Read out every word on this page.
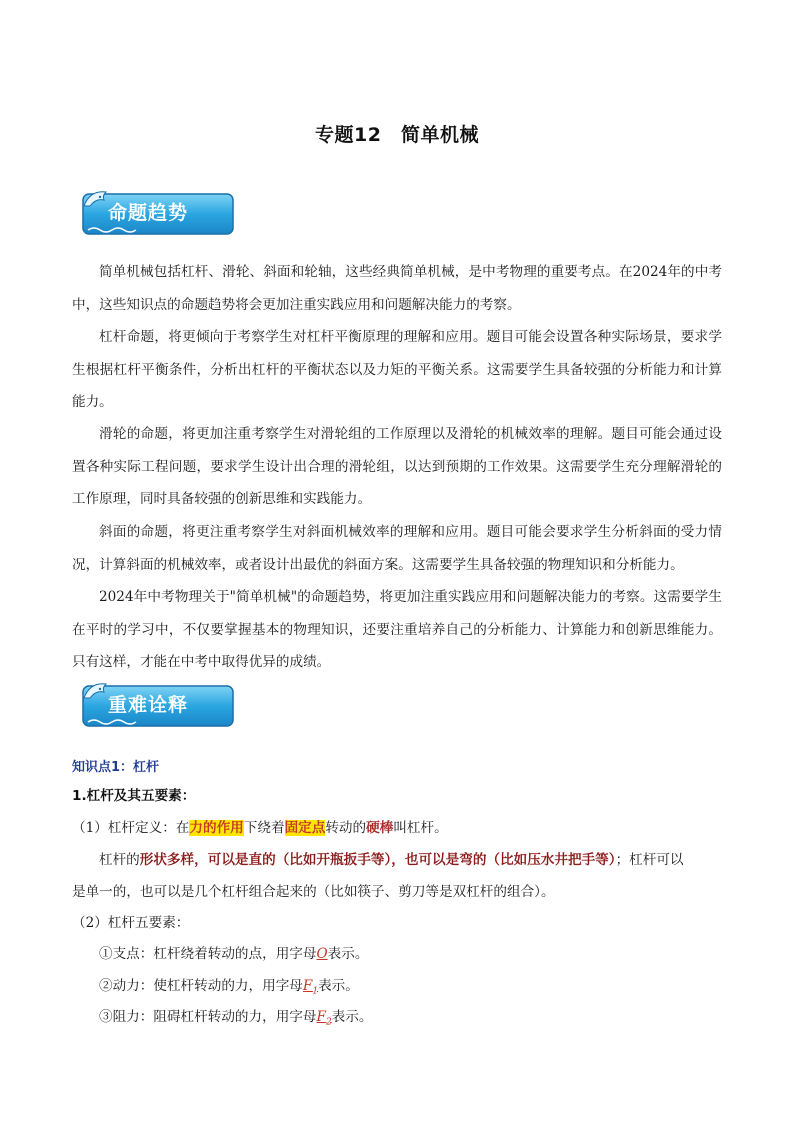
专题12　简单机械
命题趋势

简单机械包括杠杆、滑轮、斜面和轮轴，这些经典简单机械，是中考物理的重要考点。在2024年的中考中，这些知识点的命题趋势将会更加注重实践应用和问题解决能力的考察。

杠杆命题，将更倾向于考察学生对杠杆平衡原理的理解和应用。题目可能会设置各种实际场景，要求学生根据杠杆平衡条件，分析出杠杆的平衡状态以及力矩的平衡关系。这需要学生具备较强的分析能力和计算能力。

滑轮的命题，将更加注重考察学生对滑轮组的工作原理以及滑轮的机械效率的理解。题目可能会通过设置各种实际工程问题，要求学生设计出合理的滑轮组，以达到预期的工作效果。这需要学生充分理解滑轮的工作原理，同时具备较强的创新思维和实践能力。

斜面的命题，将更注重考察学生对斜面机械效率的理解和应用。题目可能会要求学生分析斜面的受力情况，计算斜面的机械效率，或者设计出最优的斜面方案。这需要学生具备较强的物理知识和分析能力。

2024年中考物理关于"简单机械"的命题趋势，将更加注重实践应用和问题解决能力的考察。这需要学生在平时的学习中，不仅要掌握基本的物理知识，还要注重培养自己的分析能力、计算能力和创新思维能力。只有这样，才能在中考中取得优异的成绩。

重难诠释
知识点1：杠杆
1.杠杆及其五要素：
（1）杠杆定义：在力的作用下绕着固定点转动的硬棒叫杠杆。
杠杆的形状多样，可以是直的（比如开瓶扳手等），也可以是弯的（比如压水井把手等）；杠杆可以
是单一的，也可以是几个杠杆组合起来的（比如筷子、剪刀等是双杠杆的组合）。
（2）杠杆五要素：
①支点：杠杆绕着转动的点，用字母O表示。
②动力：使杠杆转动的力，用字母$F_1$表示。
③阻力：阻碍杠杆转动的力，用字母$F_2$表示。
